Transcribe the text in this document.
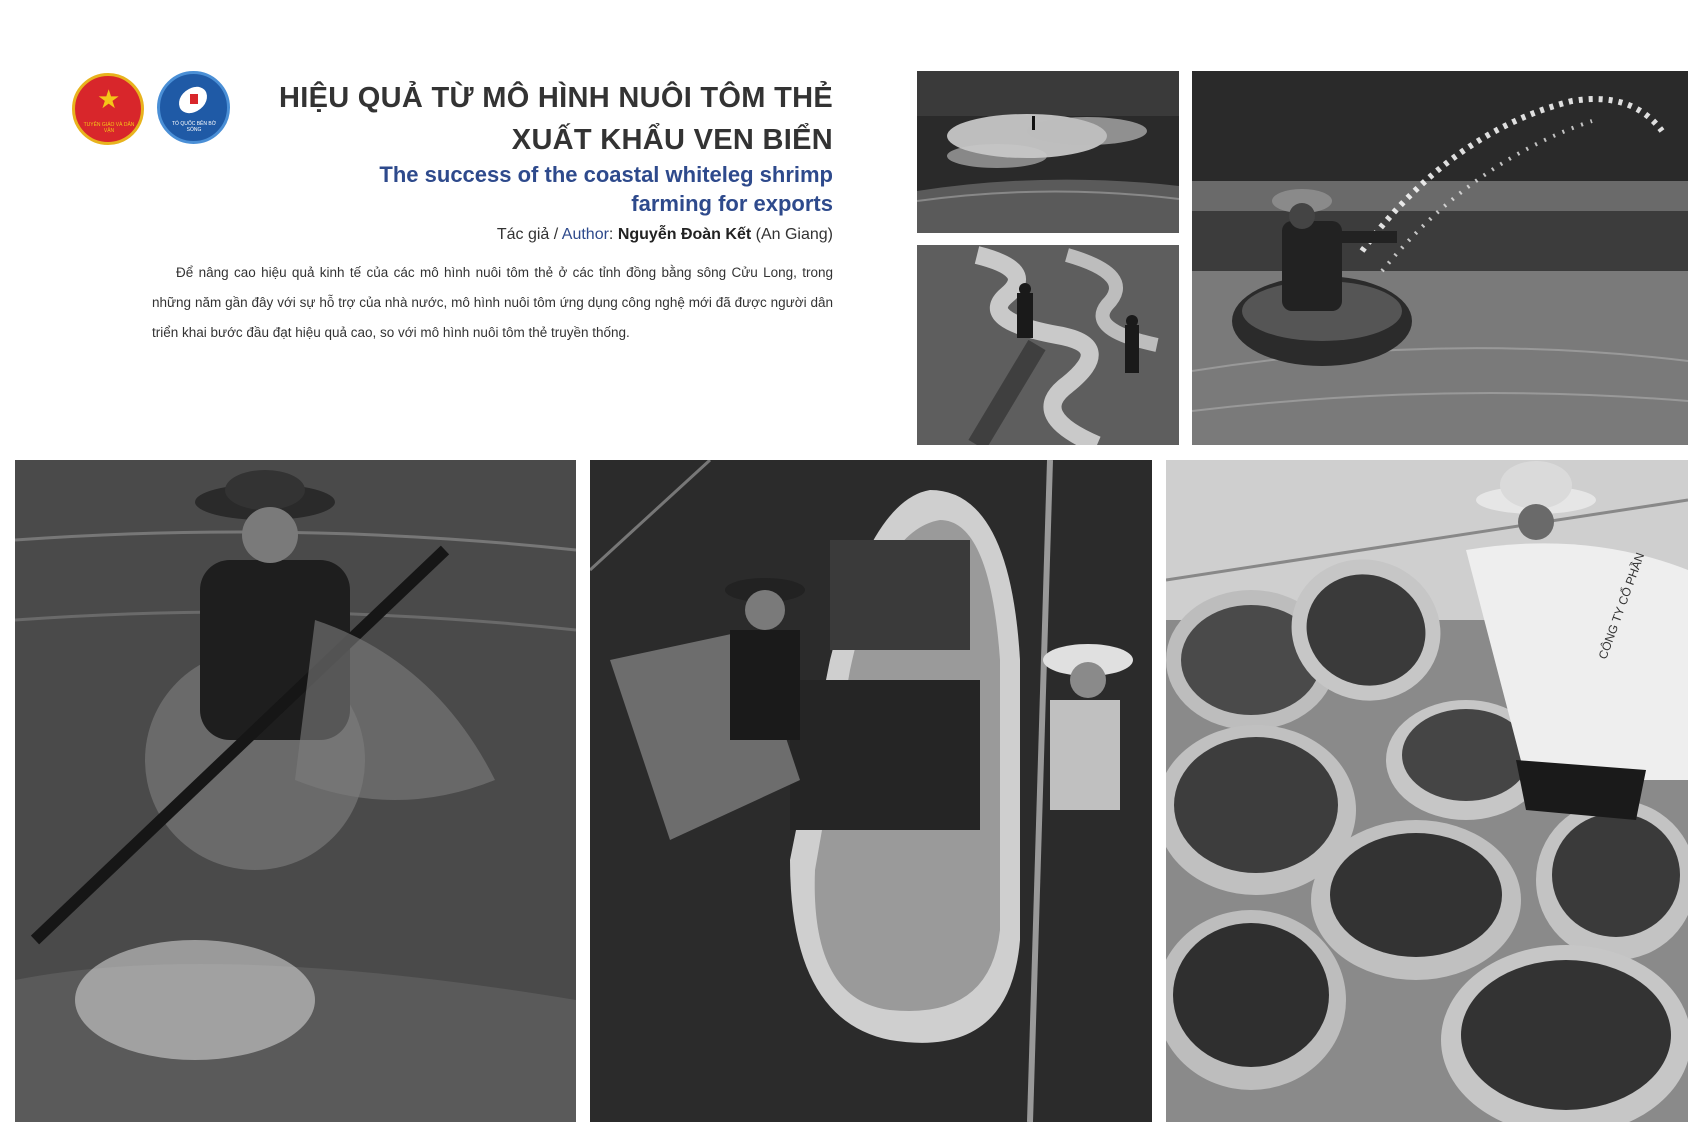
★
TUYÊN GIÁO VÀ DÂN VẬN
TỔ QUỐC BÊN BỜ SÓNG
HIỆU QUẢ TỪ MÔ HÌNH NUÔI TÔM THẺ
XUẤT KHẨU VEN BIỂN
The success of the coastal whiteleg shrimp
farming for exports
Tác giả / Author: Nguyễn Đoàn Kết (An Giang)

Để nâng cao hiệu quả kinh tế của các mô hình nuôi tôm thẻ ở các tỉnh đồng bằng sông Cửu Long, trong những năm gần đây với sự hỗ trợ của nhà nước, mô hình nuôi tôm ứng dụng công nghệ mới đã được người dân triển khai bước đầu đạt hiệu quả cao, so với mô hình nuôi tôm thẻ truyền thống.

CÔNG TY CỔ PHẦN
